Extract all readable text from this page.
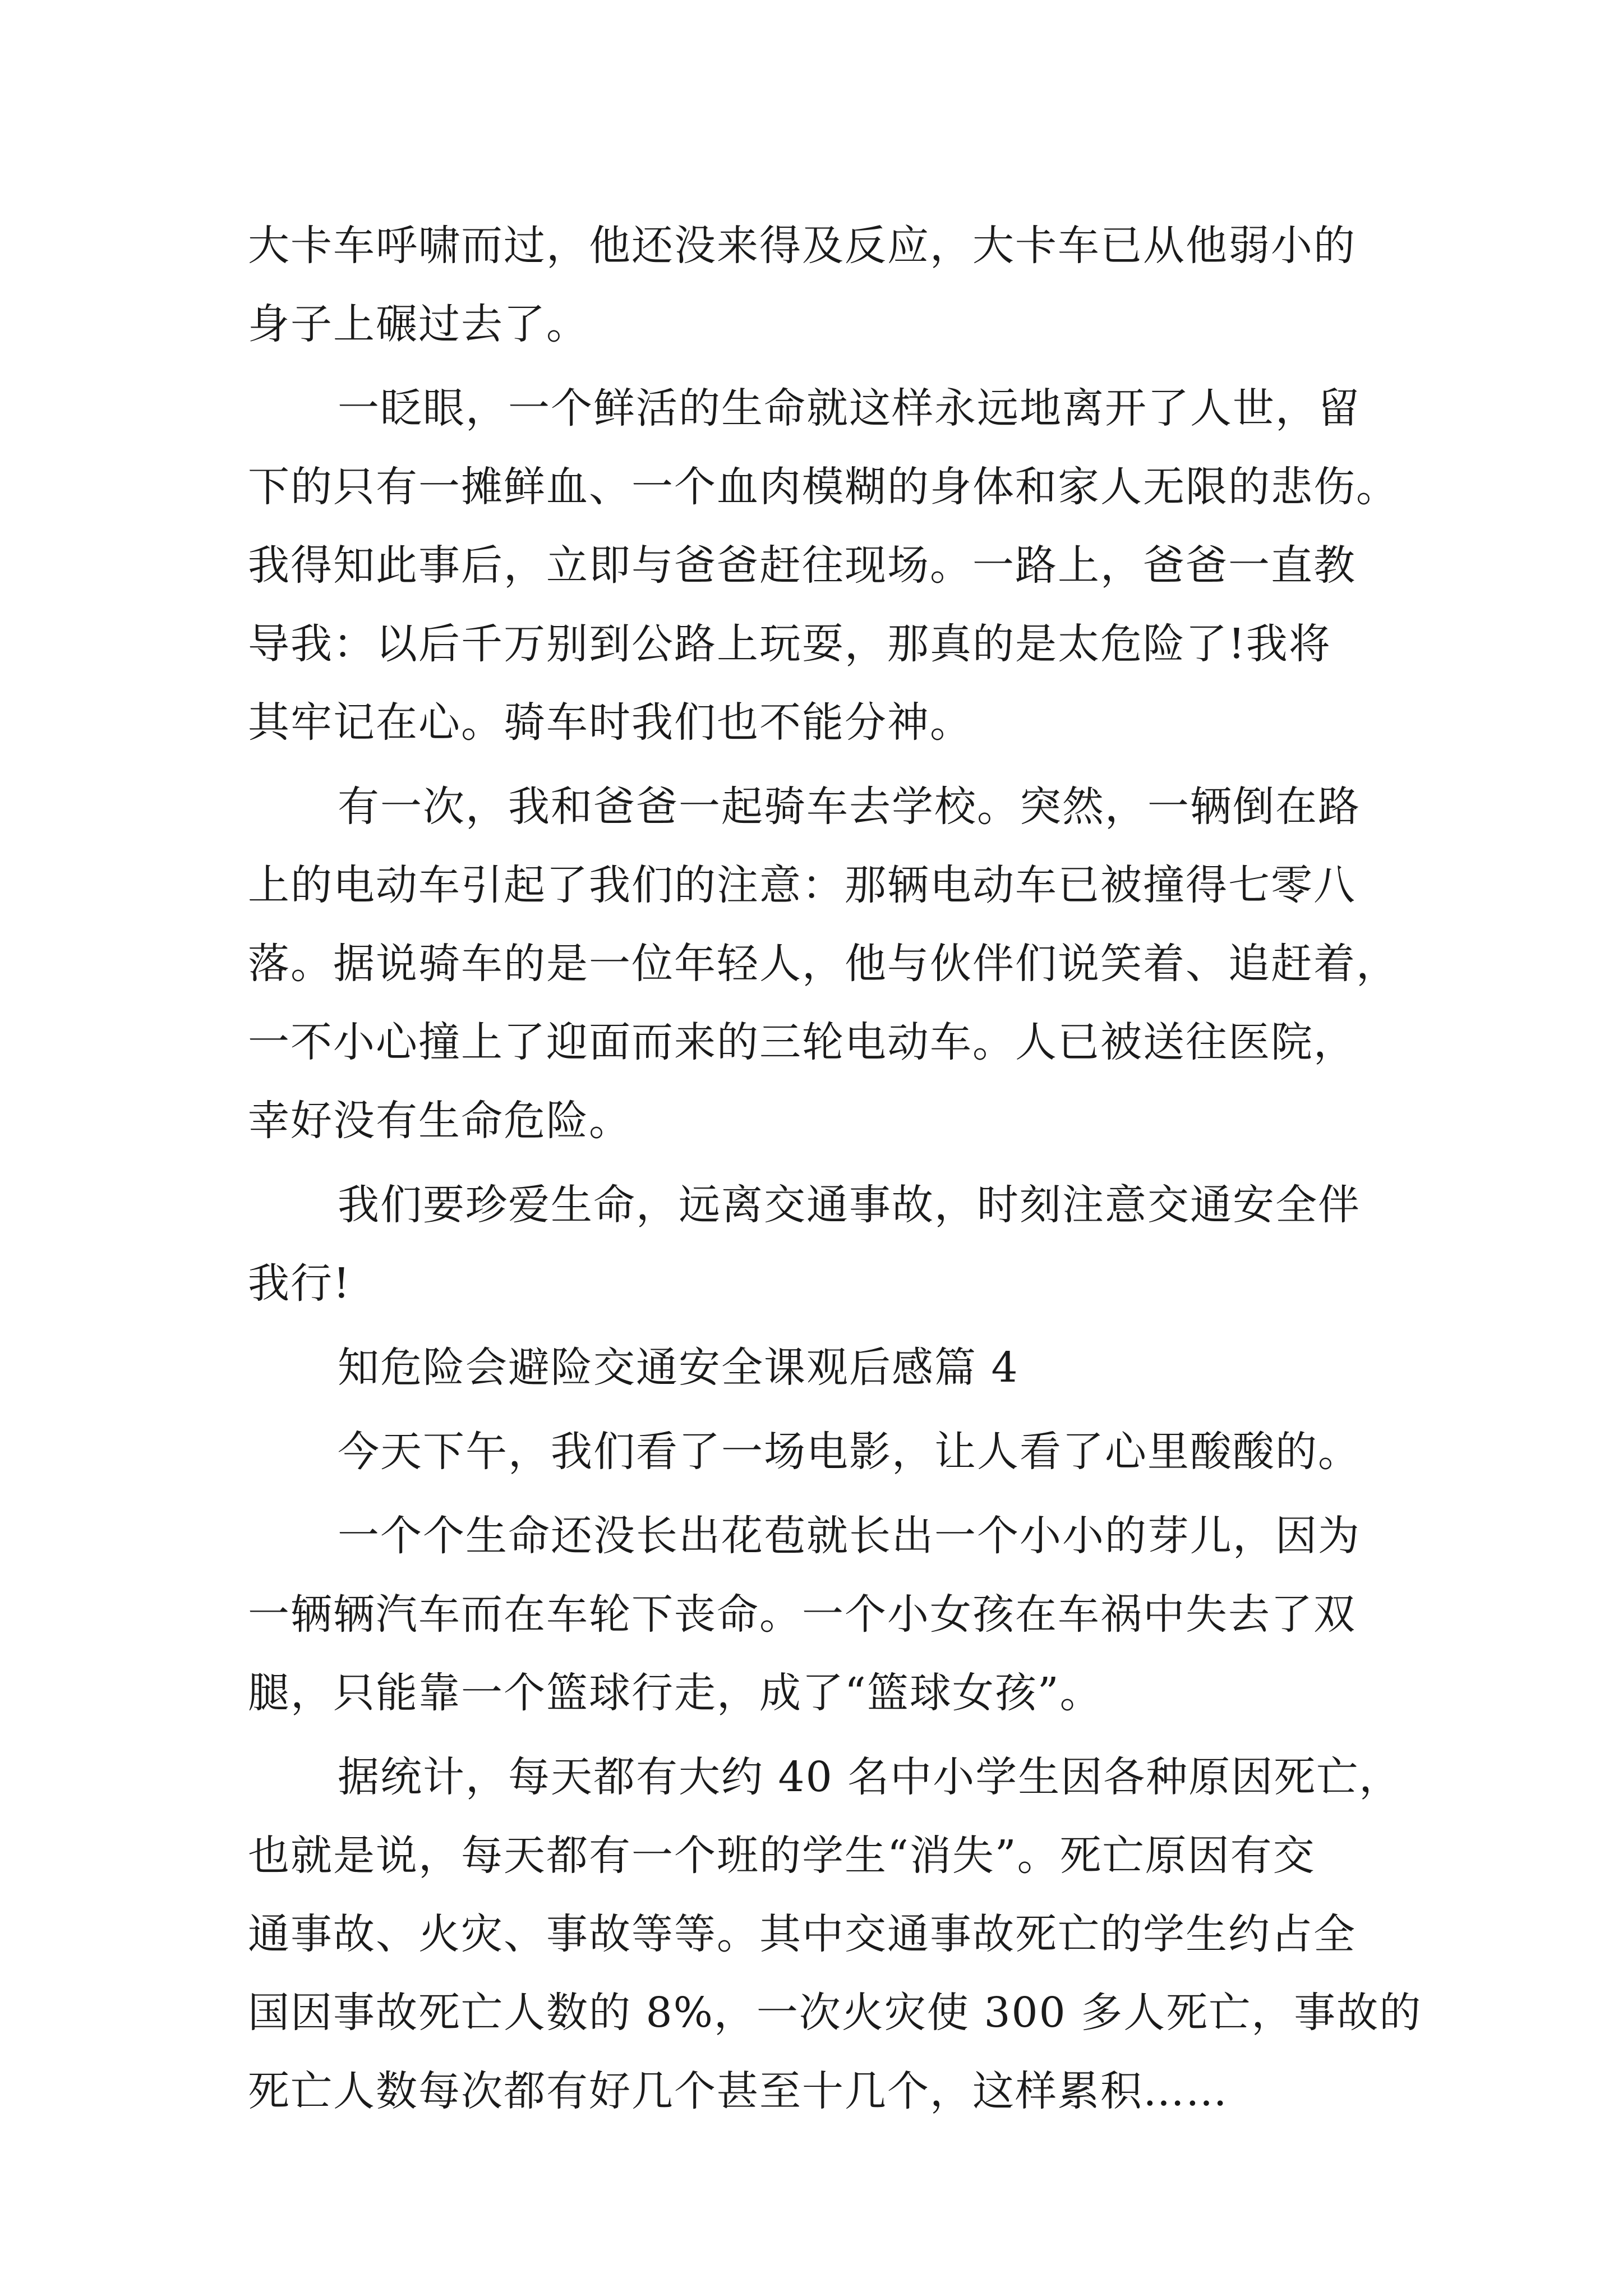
大卡车呼啸而过，他还没来得及反应，大卡车已从他弱小的
身子上碾过去了。
一眨眼，一个鲜活的生命就这样永远地离开了人世，留
下的只有一摊鲜血、一个血肉模糊的身体和家人无限的悲伤。
我得知此事后，立即与爸爸赶往现场。一路上，爸爸一直教
导我：以后千万别到公路上玩耍，那真的是太危险了!我将
其牢记在心。骑车时我们也不能分神。
有一次，我和爸爸一起骑车去学校。突然，一辆倒在路
上的电动车引起了我们的注意：那辆电动车已被撞得七零八
落。据说骑车的是一位年轻人，他与伙伴们说笑着、追赶着，
一不小心撞上了迎面而来的三轮电动车。人已被送往医院，
幸好没有生命危险。
我们要珍爱生命，远离交通事故，时刻注意交通安全伴
我行!
知危险会避险交通安全课观后感篇 4
今天下午，我们看了一场电影，让人看了心里酸酸的。
一个个生命还没长出花苞就长出一个小小的芽儿，因为
一辆辆汽车而在车轮下丧命。一个小女孩在车祸中失去了双
腿，只能靠一个篮球行走，成了“篮球女孩”。
据统计，每天都有大约 40 名中小学生因各种原因死亡，
也就是说，每天都有一个班的学生“消失”。死亡原因有交
通事故、火灾、事故等等。其中交通事故死亡的学生约占全
国因事故死亡人数的 8%，一次火灾使 300 多人死亡，事故的
死亡人数每次都有好几个甚至十几个，这样累积……
